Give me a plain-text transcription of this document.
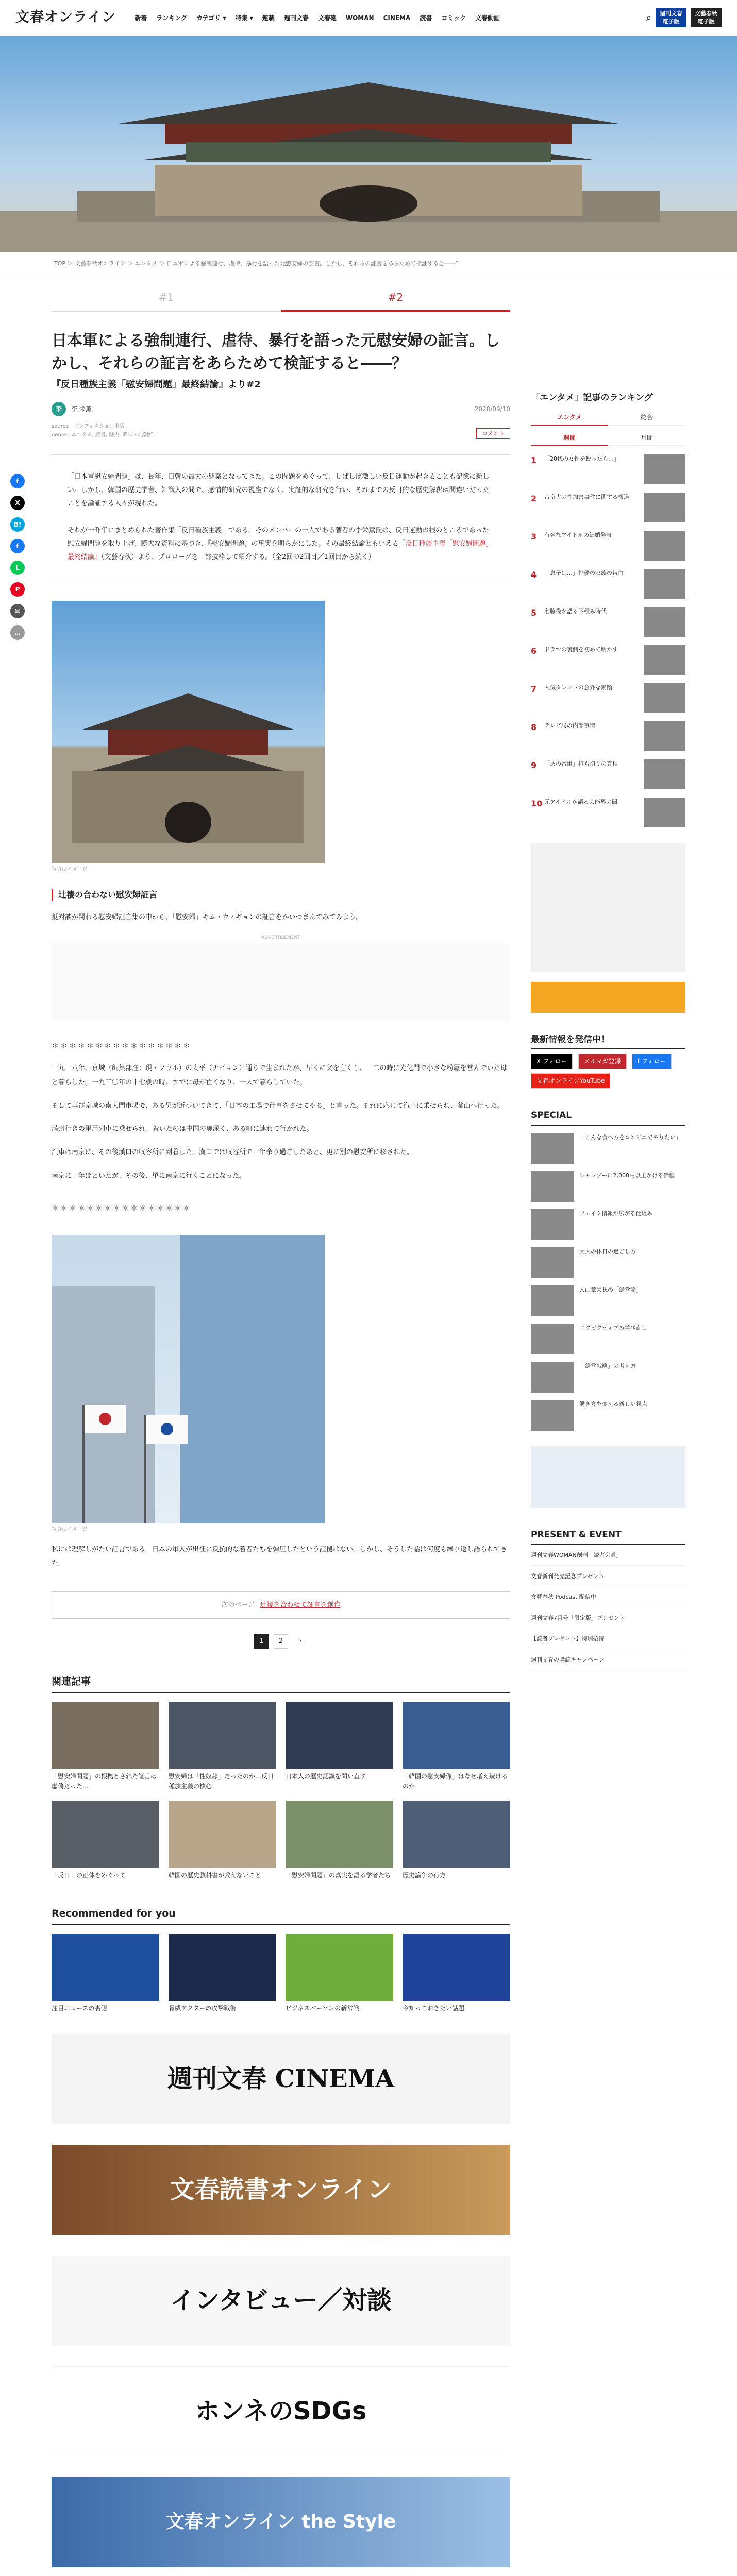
文春オンライン	新着 ランキング カテゴリ ▾ 特集 ▾ 連載 週刊文春 文春砲 WOMAN CINEMA 読書 コミック 文春動画	⌕	週刊文春
電子版
文藝春秋
電子版
TOP ＞ 文藝春秋オンライン ＞ エンタメ ＞ 日本軍による強制連行、虐待、暴行を語った元慰安婦の証言。しかし、それらの証言をあらためて検証すると――？
#1	#2
f
X
B!
f
L
P
✉
…
日本軍による強制連行、虐待、暴行を語った元慰安婦の証言。しかし、それらの証言をあらためて検証すると――？
『反日種族主義「慰安婦問題」最終結論』より#2
李	李 栄薫	2020/09/10
source：ノンフィクション出版
genre：エンタメ, 読書, 歴史, 韓国・北朝鮮	コメント
「日本軍慰安婦問題」は、長年、日韓の最大の懸案となってきた。この問題をめぐって、しばしば激しい反日運動が起きることも記憶に新しい。しかし、韓国の歴史学者、知識人の間で、感情的研究の視座でなく、実証的な研究を行い、それまでの反日的な歴史解釈は間違いだったことを論証する人々が現れた。

それが一昨年にまとめられた著作集「反日種族主義」である。そのメンバーの一人である著者の李栄薫氏は、反日運動の根のところであった慰安婦問題を取り上げ、膨大な資料に基づき、『慰安婦問題』の事実を明らかにした。その最終結論ともいえる『反日種族主義「慰安婦問題」最終結論』（文藝春秋）より、プロローグを一部抜粋して紹介する。（全2回の2回目／1回目から続く）
写真はイメージ
辻褄の合わない慰安婦証言

抵対談が関わる慰安婦証言集の中から、「慰安婦」キム・ウィギョンの証言をかいつまんでみてみよう。

ADVERTISEMENT
＊＊＊＊＊＊＊＊＊＊＊＊＊＊＊＊

一九一八年、京城（編集部注：現・ソウル）の太平（チピョン）通りで生まれたが、早くに父を亡くし、一二の時に光化門で小さな粉屋を営んでいた母と暮らした。一九三〇年の十七歳の時、すでに母が亡くなり、一人で暮らしていた。

そして再び京城の南大門市場で、ある男が近づいてきて、「日本の工場で仕事をさせてやる」と言った。それに応じて汽車に乗せられ、釜山へ行った。

満州行きの軍用列車に乗せられ、着いたのは中国の奥深く、ある町に連れて行かれた。

汽車は南京に、その後漢口の収容所に到着した。漢口では収容所で一年余り過ごしたあと、更に別の慰安所に移された。

南京に一年ほどいたが、その後、単に南京に行くことになった。

＊＊＊＊＊＊＊＊＊＊＊＊＊＊＊＊
写真はイメージ

私には理解しがたい証言である。日本の軍人が出征に反抗的な若者たちを弾圧したという証拠はない。しかし、そうした話は何度も繰り返し語られてきた。

次のページ 辻褄を合わせて証言を創作
1	2	›
関連記事
「慰安婦問題」の根拠とされた証言は虚偽だった…
慰安婦は「性奴隷」だったのか…反日種族主義の核心
日本人の歴史認識を問い直す	「韓国の慰安婦像」はなぜ増え続けるのか
「反日」の正体をめぐって	韓国の歴史教科書が教えないこと	「慰安婦問題」の真実を語る学者たち	歴史論争の行方
Recommended for you
注目ニュースの裏側	脅威アクターの攻撃戦術	ビジネスパーソンの新常識	今知っておきたい話題
週刊文春 CINEMA
文春読書オンライン
インタビュー／対談
ホンネのSDGs
文春オンライン the Style
「エンタメ」記事のランキング
エンタメ	総合
週間	月間
1	「20代の女性を殴ったら…」
2	帝京大の性加害事件に関する報道
3	有名なアイドルの結婚発表
4	「息子は…」俳優の家族の告白
5	名脇役が語る下積み時代
6	ドラマの裏側を初めて明かす
7	人気タレントの意外な素顔
8	テレビ局の内部事情
9	「あの番組」打ち切りの真相
10 元アイドルが語る芸能界の闇
最新情報を発信中！
X フォロー	メルマガ登録	f フォロー 文春オンラインYouTube
SPECIAL
「こんな食べ方をコンビニでやりたい」
シャンプーに2,000円以上かける価値
フェイク情報が広がる仕組み
大人の休日の過ごし方
入山章栄氏の「経営論」
エグゼクティブの学び直し
「経営戦略」の考え方
働き方を変える新しい視点
PRESENT & EVENT
週刊文春WOMAN創刊「読者会員」
文春新刊発売記念プレゼント
文藝春秋 Podcast 配信中
週刊文春7月号「限定版」プレゼント
【読者プレゼント】特別招待
週刊文春の購読キャンペーン
